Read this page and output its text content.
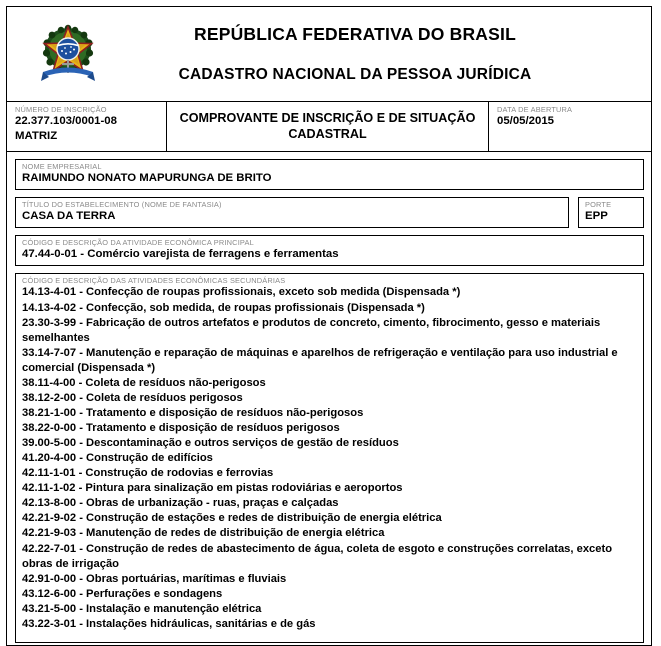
REPÚBLICA FEDERATIVA DO BRASIL
CADASTRO NACIONAL DA PESSOA JURÍDICA
NÚMERO DE INSCRIÇÃO
22.377.103/0001-08
MATRIZ
COMPROVANTE DE INSCRIÇÃO E DE SITUAÇÃO CADASTRAL
DATA DE ABERTURA
05/05/2015
NOME EMPRESARIAL
RAIMUNDO NONATO MAPURUNGA DE BRITO
TÍTULO DO ESTABELECIMENTO (NOME DE FANTASIA)
CASA DA TERRA
PORTE
EPP
CÓDIGO E DESCRIÇÃO DA ATIVIDADE ECONÔMICA PRINCIPAL
47.44-0-01 - Comércio varejista de ferragens e ferramentas
CÓDIGO E DESCRIÇÃO DAS ATIVIDADES ECONÔMICAS SECUNDÁRIAS
14.13-4-01 - Confecção de roupas profissionais, exceto sob medida (Dispensada *)
14.13-4-02 - Confecção, sob medida, de roupas profissionais (Dispensada *)
23.30-3-99 - Fabricação de outros artefatos e produtos de concreto, cimento, fibrocimento, gesso e materiais semelhantes
33.14-7-07 - Manutenção e reparação de máquinas e aparelhos de refrigeração e ventilação para uso industrial e comercial (Dispensada *)
38.11-4-00 - Coleta de resíduos não-perigosos
38.12-2-00 - Coleta de resíduos perigosos
38.21-1-00 - Tratamento e disposição de resíduos não-perigosos
38.22-0-00 - Tratamento e disposição de resíduos perigosos
39.00-5-00 - Descontaminação e outros serviços de gestão de resíduos
41.20-4-00 - Construção de edifícios
42.11-1-01 - Construção de rodovias e ferrovias
42.11-1-02 - Pintura para sinalização em pistas rodoviárias e aeroportos
42.13-8-00 - Obras de urbanização - ruas, praças e calçadas
42.21-9-02 - Construção de estações e redes de distribuição de energia elétrica
42.21-9-03 - Manutenção de redes de distribuição de energia elétrica
42.22-7-01 - Construção de redes de abastecimento de água, coleta de esgoto e construções correlatas, exceto obras de irrigação
42.91-0-00 - Obras portuárias, marítimas e fluviais
43.12-6-00 - Perfurações e sondagens
43.21-5-00 - Instalação e manutenção elétrica
43.22-3-01 - Instalações hidráulicas, sanitárias e de gás
